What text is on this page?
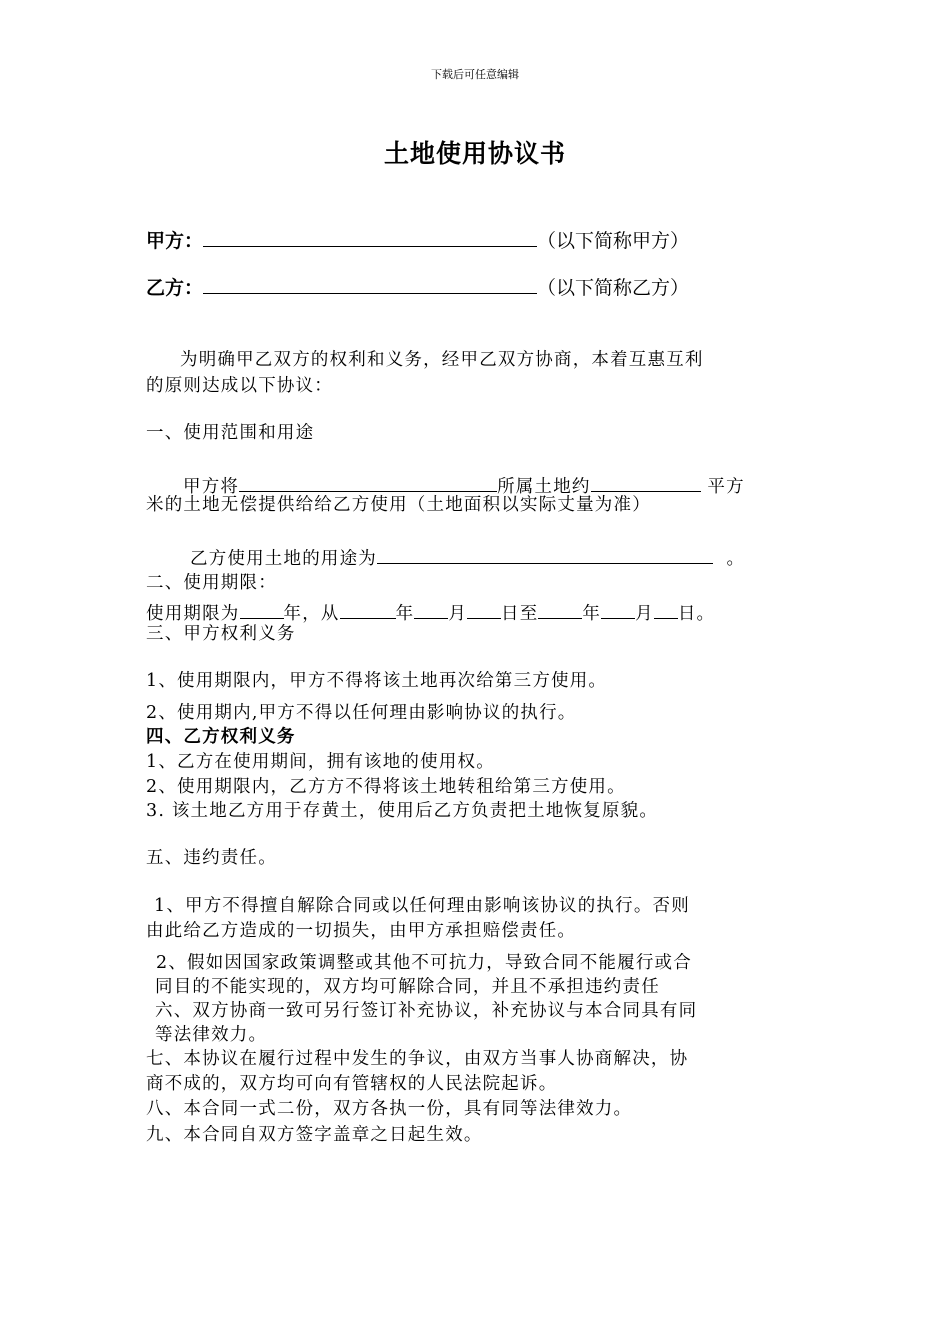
下载后可任意编辑
土地使用协议书
甲方：	（以下简称甲方）
乙方：	（以下简称乙方）
为明确甲乙双方的权利和义务，经甲乙双方协商，本着互惠互利
的原则达成以下协议：
一、使用范围和用途
甲方将	所属土地约	平方
米的土地无偿提供给给乙方使用（土地面积以实际丈量为准）
乙方使用土地的用途为	。
二、使用期限：
使用期限为	年，从	年 月 日至	年 月 日。
三、甲方权利义务
1、使用期限内，甲方不得将该土地再次给第三方使用。
2、使用期内,甲方不得以任何理由影响协议的执行。
四、乙方权利义务
1、乙方在使用期间，拥有该地的使用权。
2、使用期限内，乙方方不得将该土地转租给第三方使用。
3. 该土地乙方用于存黄土，使用后乙方负责把土地恢复原貌。
五、违约责任。
1、甲方不得擅自解除合同或以任何理由影响该协议的执行。否则
由此给乙方造成的一切损失，由甲方承担赔偿责任。
2、假如因国家政策调整或其他不可抗力，导致合同不能履行或合
同目的不能实现的，双方均可解除合同，并且不承担违约责任
六、双方协商一致可另行签订补充协议，补充协议与本合同具有同
等法律效力。
七、本协议在履行过程中发生的争议，由双方当事人协商解决，协
商不成的，双方均可向有管辖权的人民法院起诉。
八、本合同一式二份，双方各执一份，具有同等法律效力。
九、本合同自双方签字盖章之日起生效。
